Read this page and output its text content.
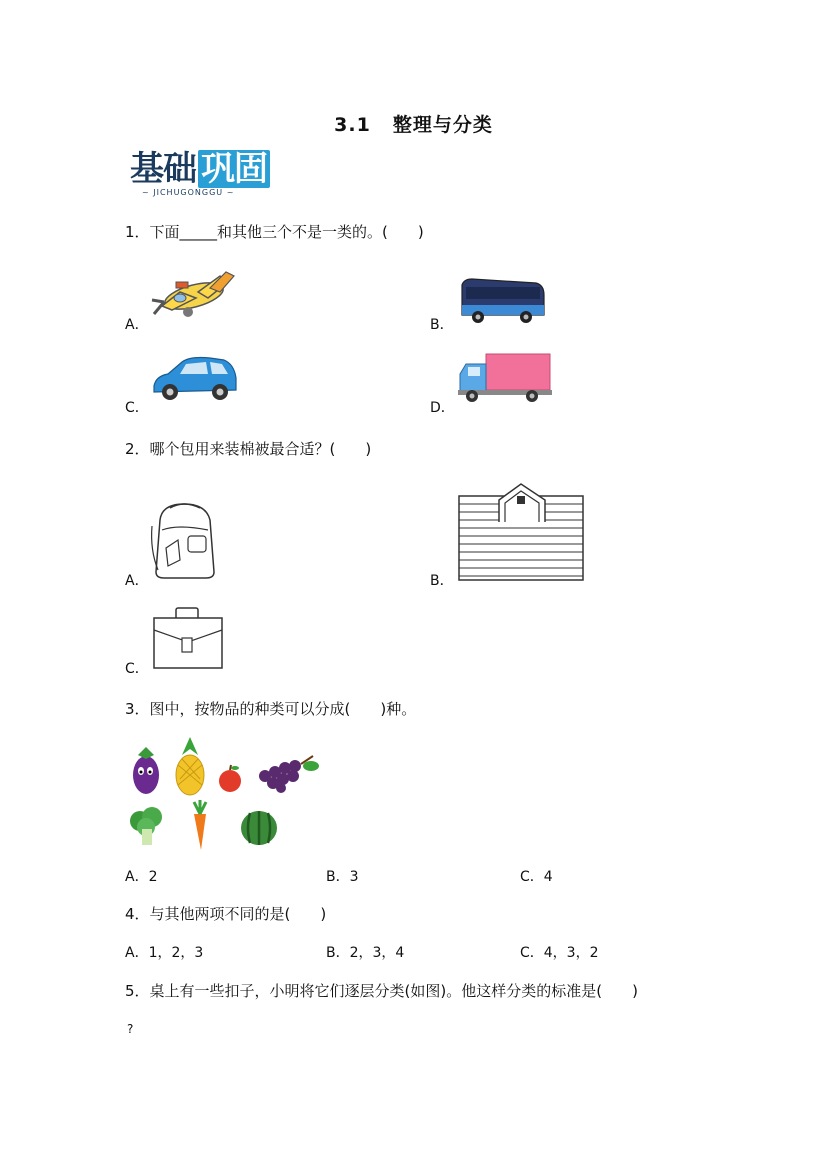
3.1 整理与分类
基础 巩固
~ JICHUGONGGU ~
1．下面_____和其他三个不是一类的。(　　)
A．	B．
C．	D．
2．哪个包用来装棉被最合适？(　　)
A．	B．
C．
3．图中，按物品的种类可以分成(　　)种。
A．2	B．3	C．4
4．与其他两项不同的是(　　)
A．1，2，3	B．2，3，4	C．4，3，2
5．桌上有一些扣子，小明将它们逐层分类(如图)。他这样分类的标准是(　　)
?
